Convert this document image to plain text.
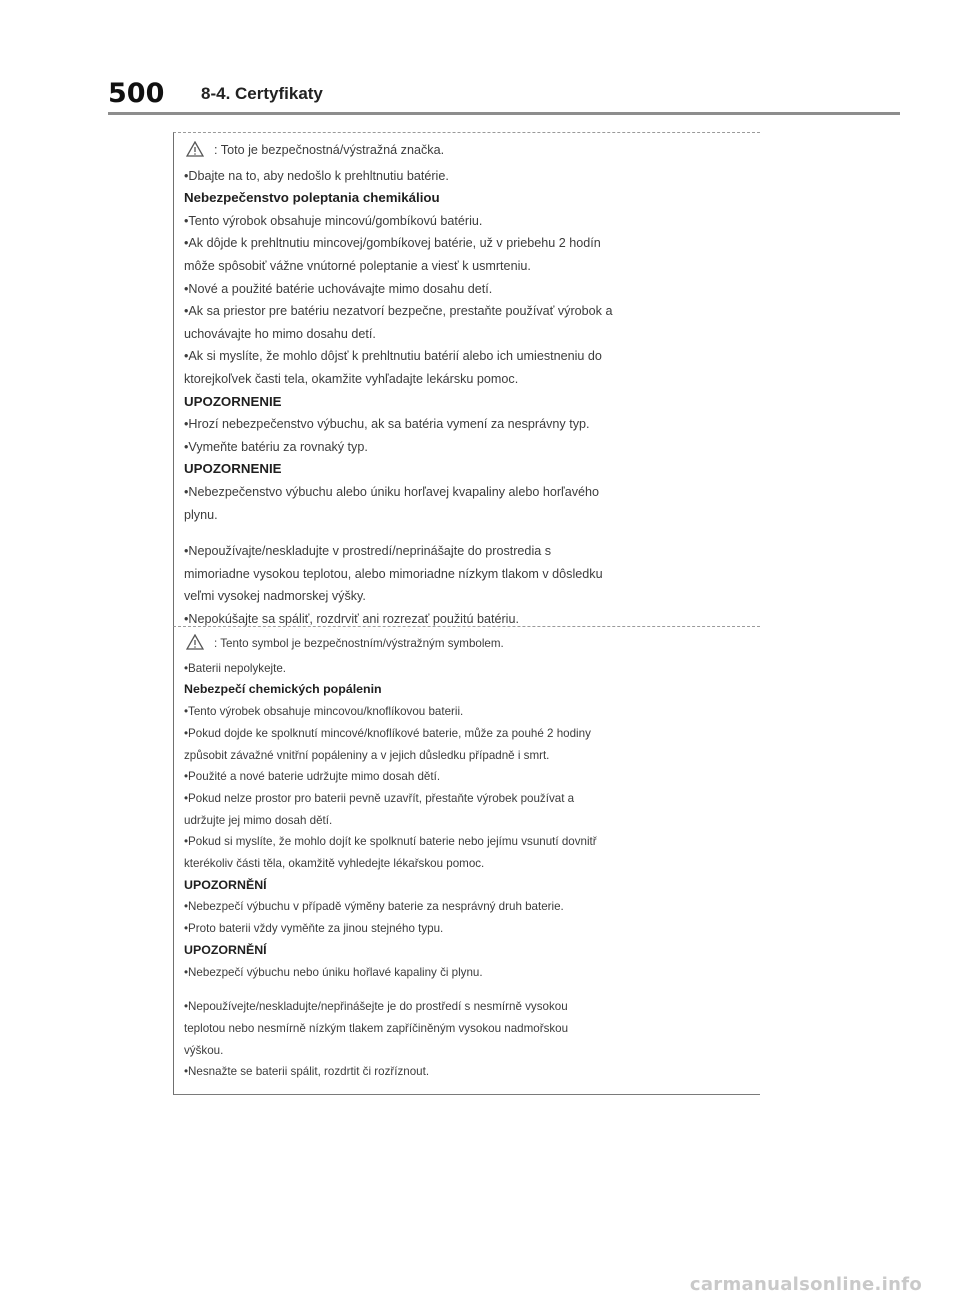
500 8-4. Certyfikaty

: Toto je bezpečnostná/výstražná značka.

•Dbajte na to, aby nedošlo k prehltnutiu batérie.

Nebezpečenstvo poleptania chemikáliou

•Tento výrobok obsahuje mincovú/gombíkovú batériu.

•Ak dôjde k prehltnutiu mincovej/gombíkovej batérie, už v priebehu 2 hodín

môže spôsobiť vážne vnútorné poleptanie a viesť k usmrteniu.

•Nové a použité batérie uchovávajte mimo dosahu detí.

•Ak sa priestor pre batériu nezatvorí bezpečne, prestaňte používať výrobok a

uchovávajte ho mimo dosahu detí.

•Ak si myslíte, že mohlo dôjsť k prehltnutiu batérií alebo ich umiestneniu do

ktorejkoľvek časti tela, okamžite vyhľadajte lekársku pomoc.

UPOZORNENIE

•Hrozí nebezpečenstvo výbuchu, ak sa batéria vymení za nesprávny typ.

•Vymeňte batériu za rovnaký typ.

UPOZORNENIE

•Nebezpečenstvo výbuchu alebo úniku horľavej kvapaliny alebo horľavého

plynu.

•Nepoužívajte/neskladujte v prostredí/neprinášajte do prostredia s

mimoriadne vysokou teplotou, alebo mimoriadne nízkym tlakom v dôsledku

veľmi vysokej nadmorskej výšky.

•Nepokúšajte sa spáliť, rozdrviť ani rozrezať použitú batériu.

: Tento symbol je bezpečnostním/výstražným symbolem.

•Baterii nepolykejte.

Nebezpečí chemických popálenin

•Tento výrobek obsahuje mincovou/knoflíkovou baterii.

•Pokud dojde ke spolknutí mincové/knoflíkové baterie, může za pouhé 2 hodiny

způsobit závažné vnitřní popáleniny a v jejich důsledku případně i smrt.

•Použité a nové baterie udržujte mimo dosah dětí.

•Pokud nelze prostor pro baterii pevně uzavřít, přestaňte výrobek používat a

udržujte jej mimo dosah dětí.

•Pokud si myslíte, že mohlo dojít ke spolknutí baterie nebo jejímu vsunutí dovnitř

kterékoliv části těla, okamžitě vyhledejte lékařskou pomoc.

UPOZORNĚNÍ

•Nebezpečí výbuchu v případě výměny baterie za nesprávný druh baterie.

•Proto baterii vždy vyměňte za jinou stejného typu.

UPOZORNĚNÍ

•Nebezpečí výbuchu nebo úniku hořlavé kapaliny či plynu.

•Nepoužívejte/neskladujte/nepřinášejte je do prostředí s nesmírně vysokou

teplotou nebo nesmírně nízkým tlakem zapříčiněným vysokou nadmořskou

výškou.

•Nesnažte se baterii spálit, rozdrtit či rozříznout.

carmanualsonline.info
